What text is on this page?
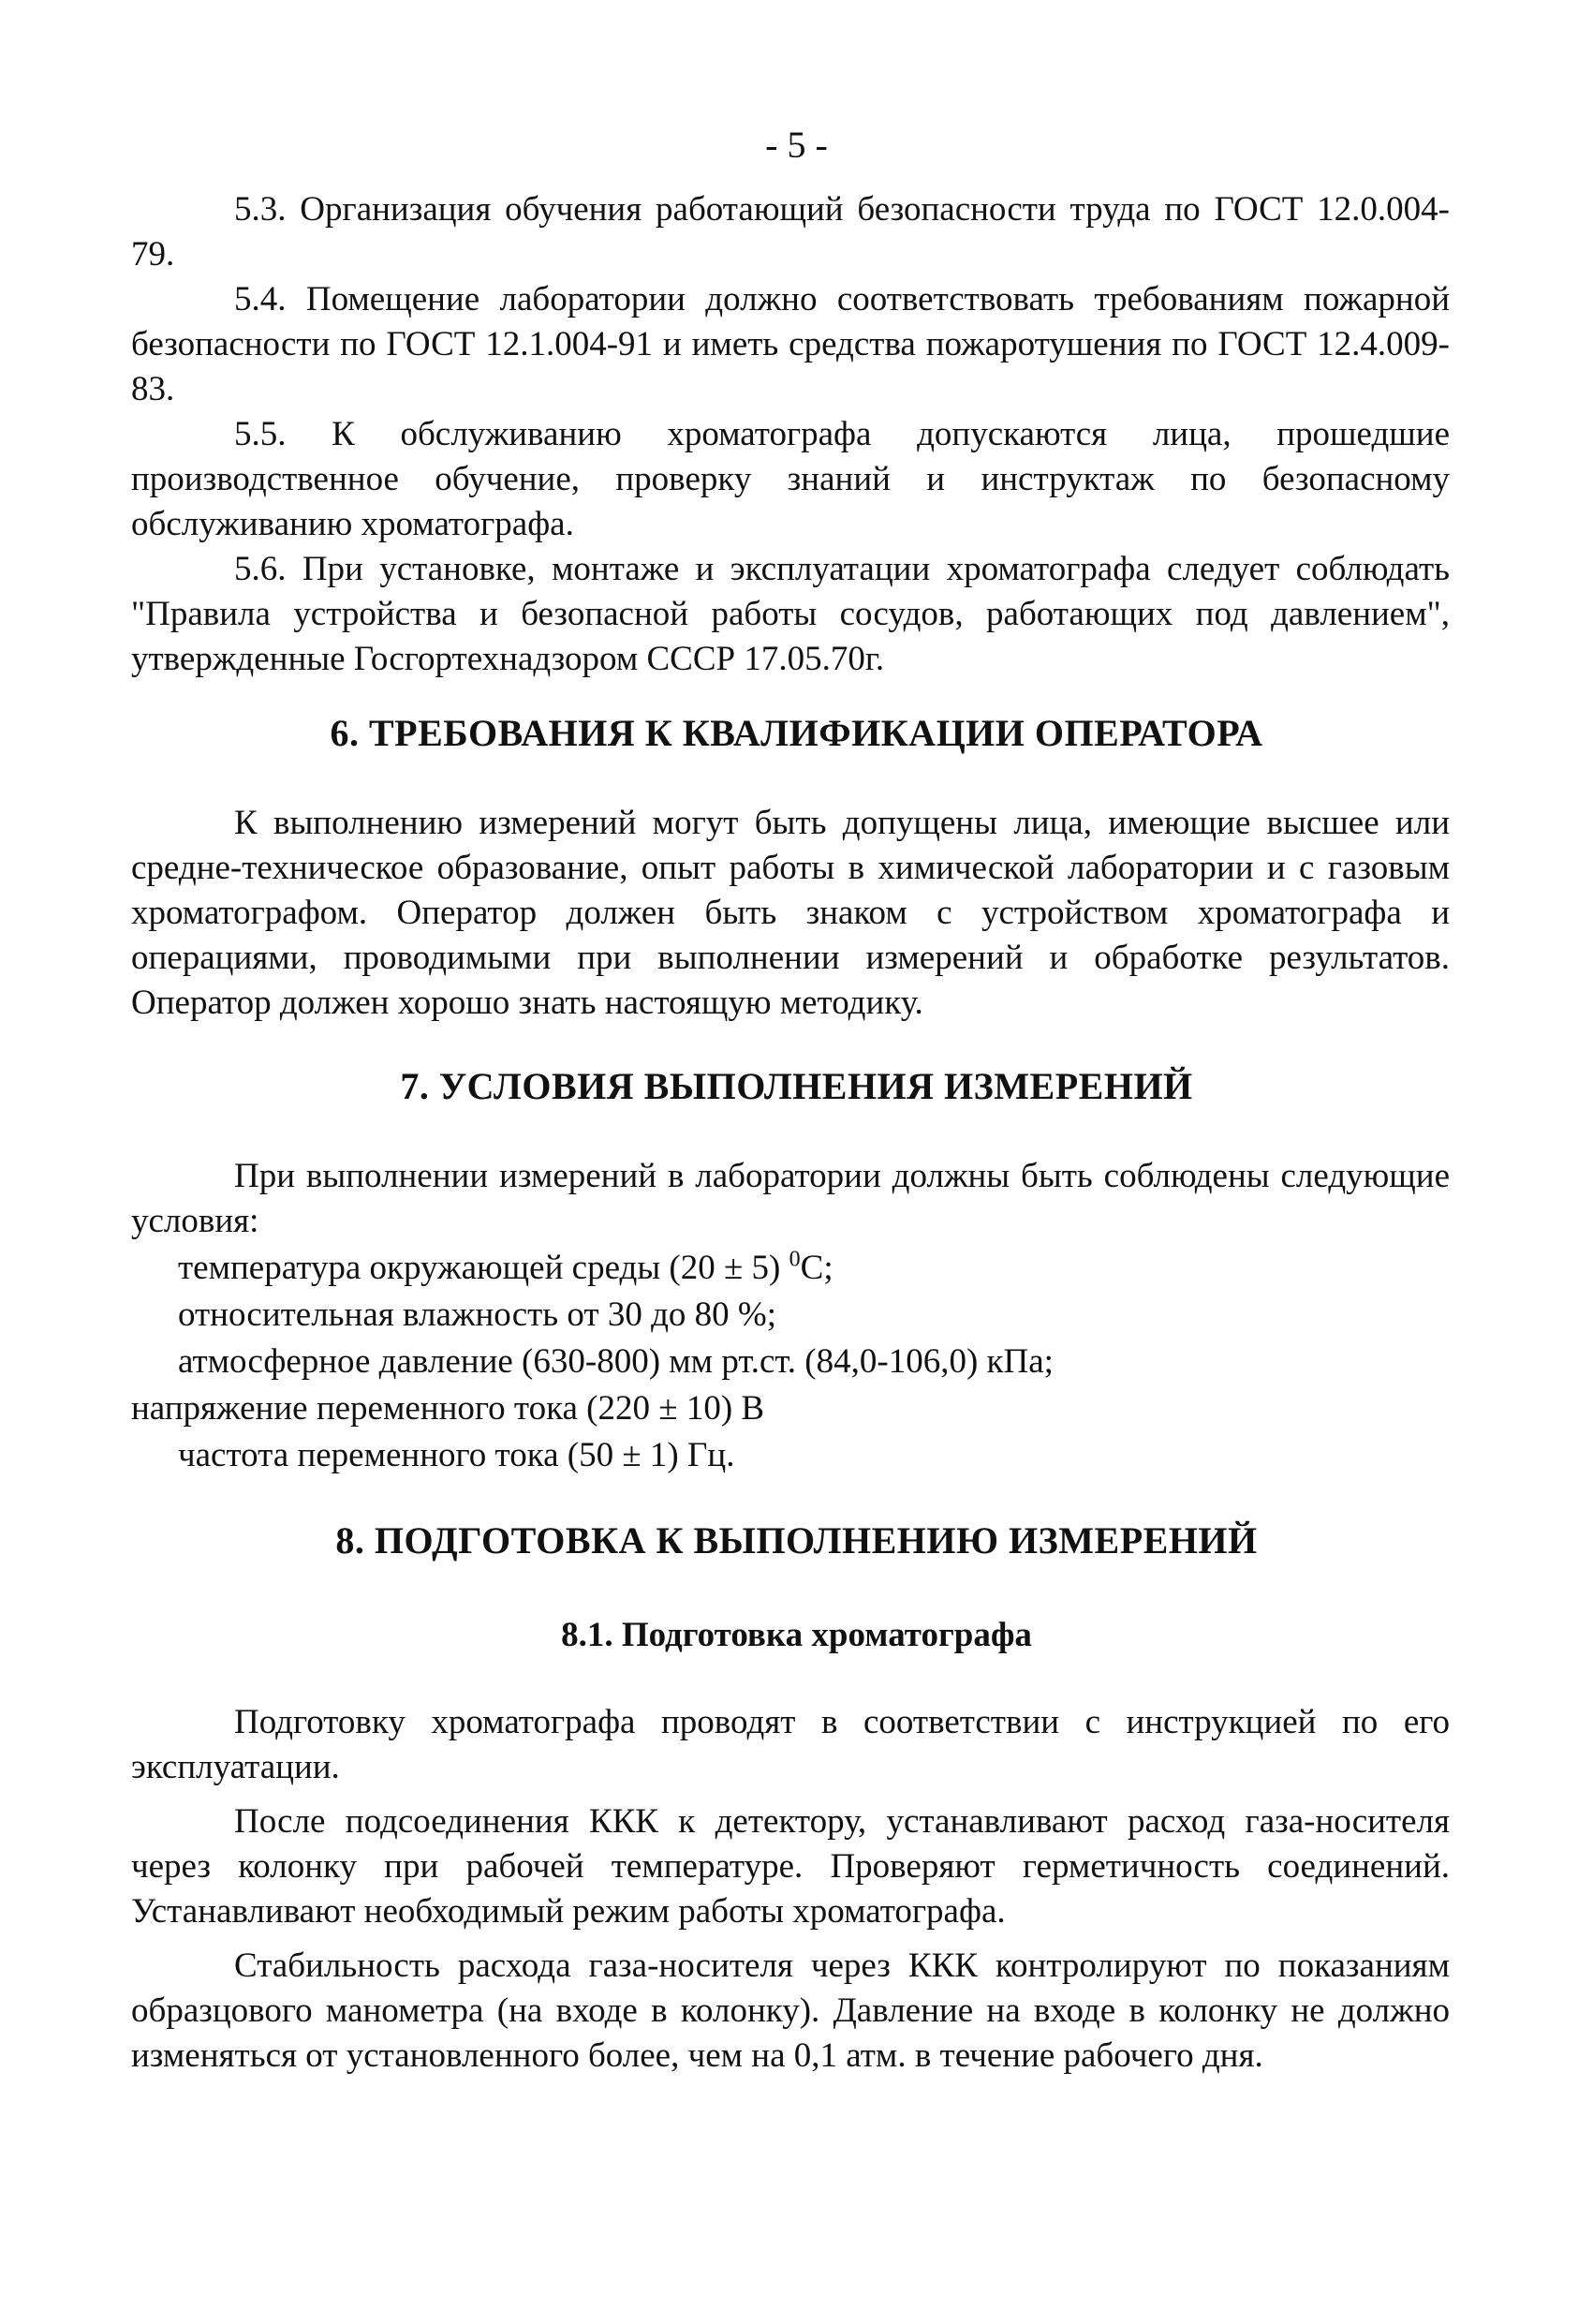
- 5 -

5.3. Организация обучения работающий безопасности труда по ГОСТ 12.0.004-79.

5.4. Помещение лаборатории должно соответствовать требованиям пожарной безопасности по ГОСТ 12.1.004-91 и иметь средства пожаротушения по ГОСТ 12.4.009-83.

5.5. К обслуживанию хроматографа допускаются лица, прошедшие производственное обучение, проверку знаний и инструктаж по безопасному обслуживанию хроматографа.

5.6. При установке, монтаже и эксплуатации хроматографа следует соблюдать "Правила устройства и безопасной работы сосудов, работающих под давлением", утвержденные Госгортехнадзором СССР 17.05.70г.

6. ТРЕБОВАНИЯ К КВАЛИФИКАЦИИ ОПЕРАТОРА

К выполнению измерений могут быть допущены лица, имеющие высшее или средне-техническое образование, опыт работы в химической лаборатории и с газовым хроматографом. Оператор должен быть знаком с устройством хроматографа и операциями, проводимыми при выполнении измерений и обработке результатов. Оператор должен хорошо знать настоящую методику.

7. УСЛОВИЯ ВЫПОЛНЕНИЯ ИЗМЕРЕНИЙ

При выполнении измерений в лаборатории должны быть соблюдены следующие условия:

температура окружающей среды (20 ± 5) $^0$С;
относительная влажность от 30 до 80 %;
атмосферное давление (630-800) мм рт.ст. (84,0-106,0) кПа;
напряжение переменного тока (220 ± 10) В
частота переменного тока (50 ± 1) Гц.
8. ПОДГОТОВКА К ВЫПОЛНЕНИЮ ИЗМЕРЕНИЙ
8.1. Подготовка хроматографа

Подготовку хроматографа проводят в соответствии с инструкцией по его эксплуатации.

После подсоединения ККК к детектору, устанавливают расход газа-носителя через колонку при рабочей температуре. Проверяют герметичность соединений. Устанавливают необходимый режим работы хроматографа.

Стабильность расхода газа-носителя через ККК контролируют по показаниям образцового манометра (на входе в колонку). Давление на входе в колонку не должно изменяться от установленного более, чем на 0,1 атм. в течение рабочего дня.
